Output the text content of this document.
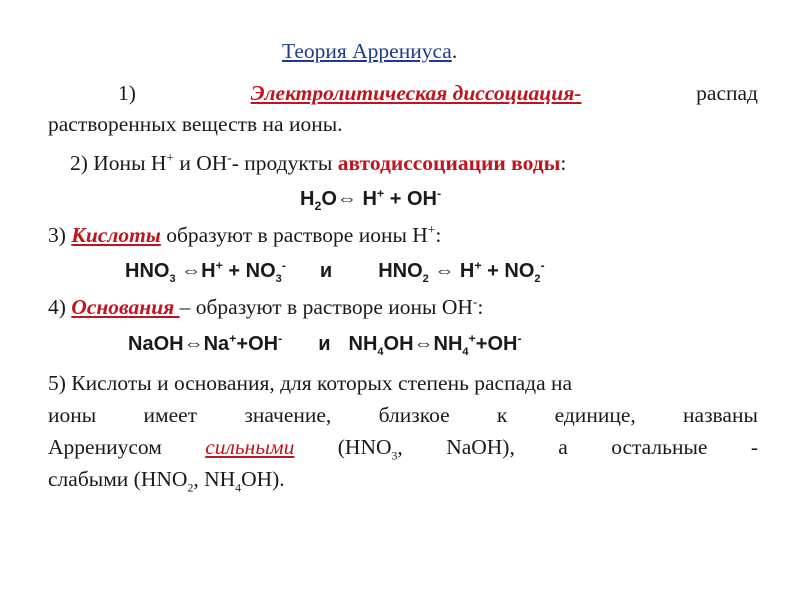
Теория Аррениуса.
1)	Электролитическая диссоциация-	распад
растворенных веществ на ионы.
2) Ионы Н+ и ОН-- продукты автодиссоциации воды:
$H_2O\Leftrightarrow$ H+ + OH-
3) Кислоты образуют в растворе ионы Н+:
$HNO_3$ ⇔H+ + $NO_3^-$ и $HNO_2$ ⇔ $H^+ + NO_2^-$
4) Основания – образуют в растворе ионы ОН-:
NaOH⇔Na++OH- и $NH_4OH\Leftrightarrow NH_4^++OH^-$
5) Кислоты и основания, для которых степень распада на
ионы имеет значение, близкое к единице, названы
Аррениусом сильными ($HNO_3$, NaOH), а остальные -
слабыми ($HNO_2$, $NH_4OH$).
